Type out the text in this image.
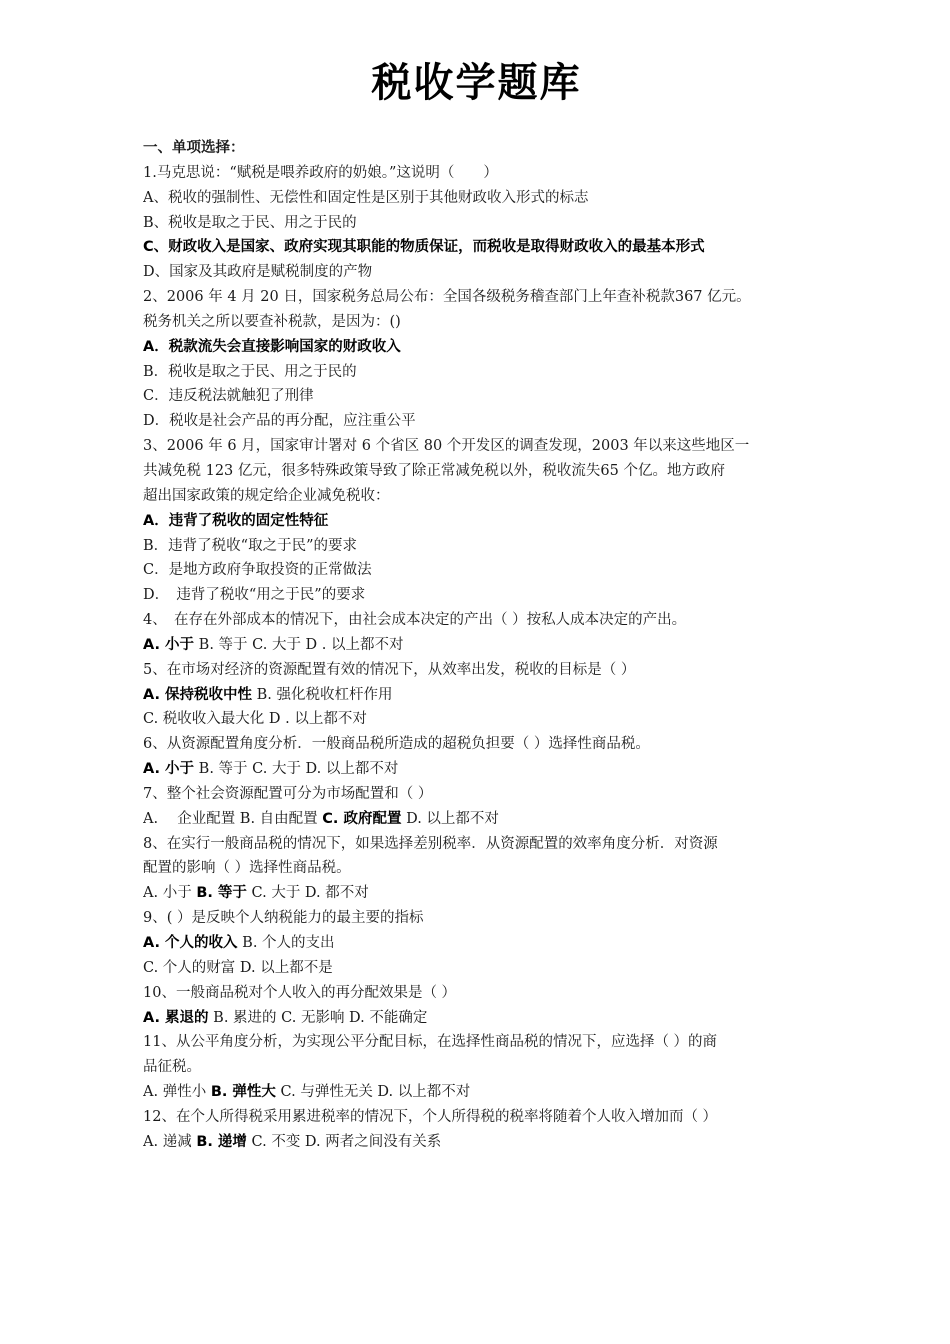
税收学题库
一、单项选择：
1.马克思说：“赋税是喂养政府的奶娘。”这说明（　　）
A、税收的强制性、无偿性和固定性是区别于其他财政收入形式的标志
B、税收是取之于民、用之于民的
C、财政收入是国家、政府实现其职能的物质保证，而税收是取得财政收入的最基本形式
D、国家及其政府是赋税制度的产物
2、2006 年 4 月 20 日，国家税务总局公布：全国各级税务稽查部门上年查补税款367 亿元。
税务机关之所以要查补税款，是因为：()
A．税款流失会直接影响国家的财政收入
B．税收是取之于民、用之于民的
C．违反税法就触犯了刑律
D．税收是社会产品的再分配，应注重公平
3、2006 年 6 月，国家审计署对 6 个省区 80 个开发区的调查发现，2003 年以来这些地区一
共减免税 123 亿元，很多特殊政策导致了除正常减免税以外，税收流失65 个亿。地方政府
超出国家政策的规定给企业减免税收：
A．违背了税收的固定性特征
B．违背了税收“取之于民”的要求
C．是地方政府争取投资的正常做法
D．　违背了税收“用之于民”的要求
4、　在存在外部成本的情况下，由社会成本决定的产出（ ）按私人成本决定的产出。
A. 小于 B. 等于 C. 大于 D . 以上都不对
5、在市场对经济的资源配置有效的情况下，从效率出发，税收的目标是（ ）
A. 保持税收中性 B. 强化税收杠杆作用
C. 税收收入最大化 D . 以上都不对
6、从资源配置角度分析．一般商品税所造成的超税负担要（ ）选择性商品税。
A. 小于 B. 等于 C. 大于 D. 以上都不对
7、整个社会资源配置可分为市场配置和（ ）
A.　 企业配置 B. 自由配置 C. 政府配置 D. 以上都不对
8、在实行一般商品税的情况下，如果选择差别税率．从资源配置的效率角度分析．对资源
配置的影响（ ）选择性商品税。
A. 小于 B. 等于 C. 大于 D. 都不对
9、( ）是反映个人纳税能力的最主要的指标
A. 个人的收入 B. 个人的支出
C. 个人的财富 D. 以上都不是
10、一般商品税对个人收入的再分配效果是（ ）
A. 累退的 B. 累进的 C. 无影响 D. 不能确定
11、从公平角度分析，为实现公平分配目标，在选择性商品税的情况下，应选择（ ）的商
品征税。
A. 弹性小 B. 弹性大 C. 与弹性无关 D. 以上都不对
12、在个人所得税采用累进税率的情况下，个人所得税的税率将随着个人收入增加而（ ）
A. 递减 B. 递增 C. 不变 D. 两者之间没有关系
